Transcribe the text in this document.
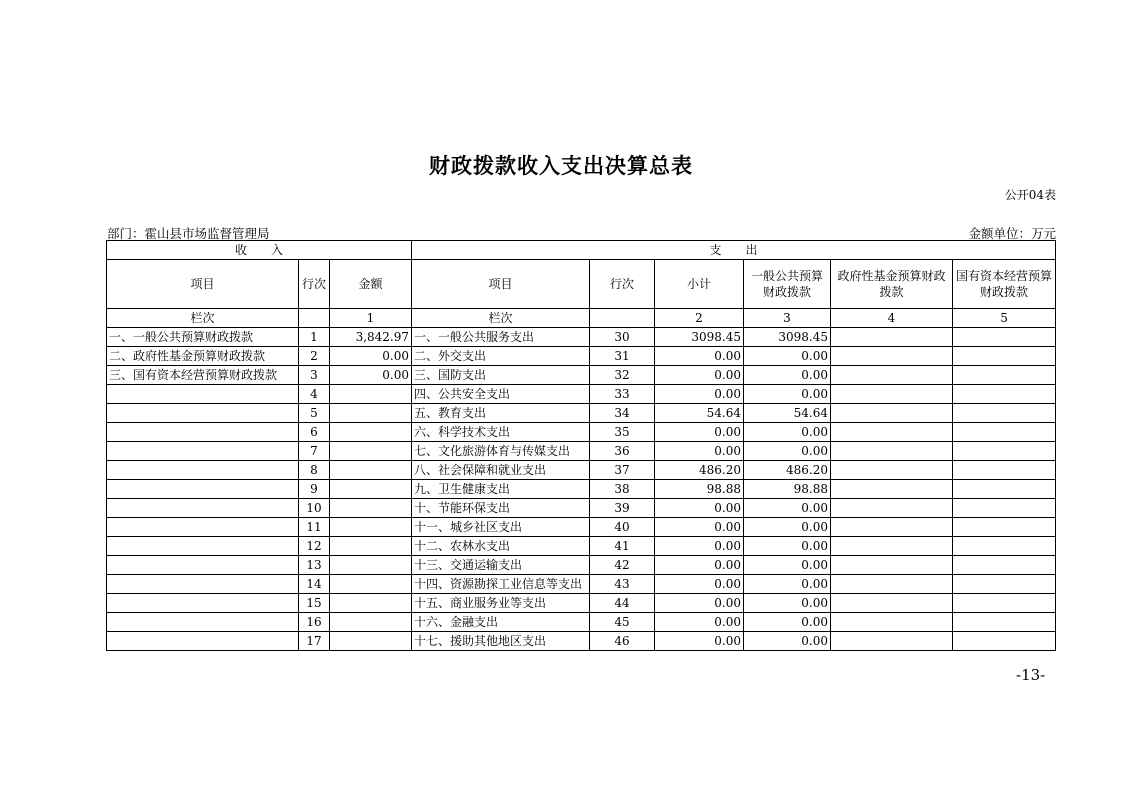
财政拨款收入支出决算总表
公开04表
部门：霍山县市场监督管理局	金额单位：万元
收　　入			支　　出					
项目	行次	金额	项目	行次	小计	一般公共预算财政拨款	政府性基金预算财政拨款	国有资本经营预算财政拨款
栏次		1	栏次		2	3	4	5
一、一般公共预算财政拨款	1	3,842.97	一、一般公共服务支出	30	3098.45	3098.45		
二、政府性基金预算财政拨款	2	0.00	二、外交支出	31	0.00	0.00		
三、国有资本经营预算财政拨款	3	0.00	三、国防支出	32	0.00	0.00		
	4		四、公共安全支出	33	0.00	0.00		
	5		五、教育支出	34	54.64	54.64		
	6		六、科学技术支出	35	0.00	0.00		
	7		七、文化旅游体育与传媒支出	36	0.00	0.00		
	8		八、社会保障和就业支出	37	486.20	486.20		
	9		九、卫生健康支出	38	98.88	98.88		
	10		十、节能环保支出	39	0.00	0.00		
	11		十一、城乡社区支出	40	0.00	0.00		
	12		十二、农林水支出	41	0.00	0.00		
	13		十三、交通运输支出	42	0.00	0.00		
	14		十四、资源勘探工业信息等支出	43	0.00	0.00		
	15		十五、商业服务业等支出	44	0.00	0.00		
	16		十六、金融支出	45	0.00	0.00		
	17		十七、援助其他地区支出	46	0.00	0.00		
-13-
